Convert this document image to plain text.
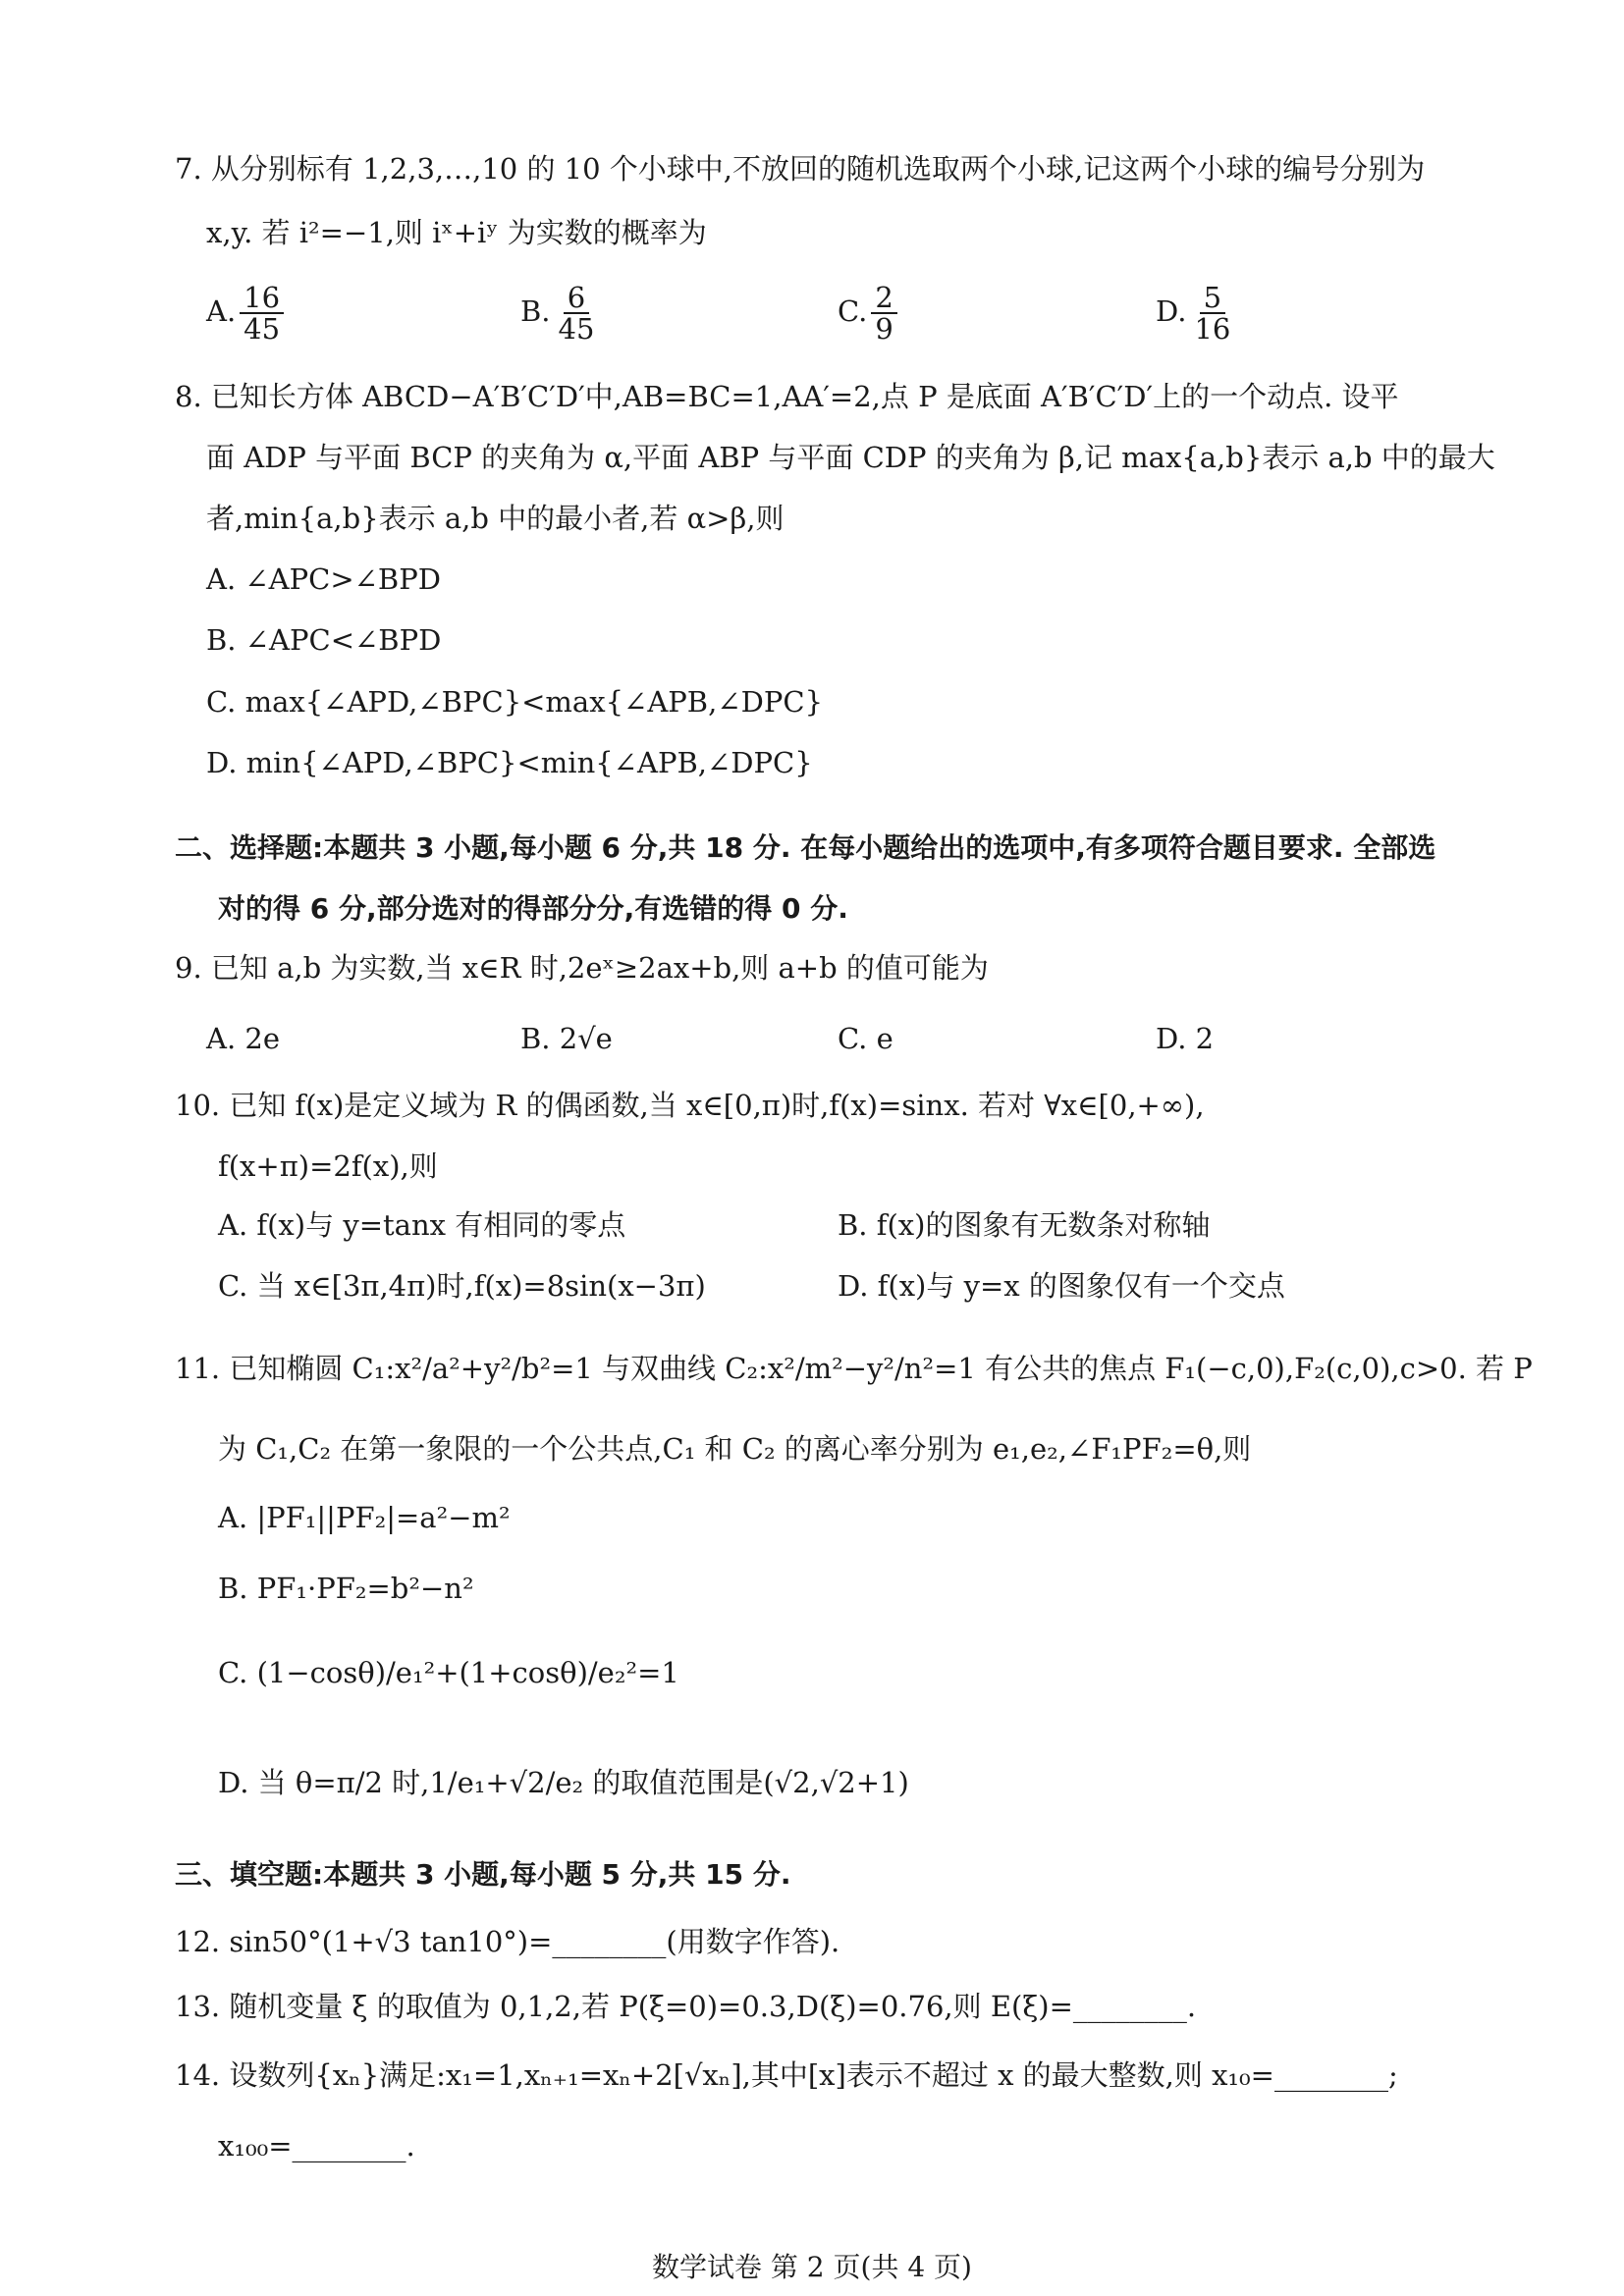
7. 从分别标有 1,2,3,…,10 的 10 个小球中,不放回的随机选取两个小球,记这两个小球的编号分别为
x,y. 若 i²=−1,则 iˣ+iʸ 为实数的概率为
A. $\frac{16}{45}$	B. $\frac{6}{45}$	C. $\frac{2}{9}$	D. $\frac{5}{16}$
8. 已知长方体 ABCD−A′B′C′D′中,AB=BC=1,AA′=2,点 P 是底面 A′B′C′D′上的一个动点. 设平
面 ADP 与平面 BCP 的夹角为 α,平面 ABP 与平面 CDP 的夹角为 β,记 max{a,b}表示 a,b 中的最大
者,min{a,b}表示 a,b 中的最小者,若 α>β,则
A. ∠APC>∠BPD
B. ∠APC<∠BPD
C. max{∠APD,∠BPC}<max{∠APB,∠DPC}
D. min{∠APD,∠BPC}<min{∠APB,∠DPC}
二、选择题:本题共 3 小题,每小题 6 分,共 18 分. 在每小题给出的选项中,有多项符合题目要求. 全部选
对的得 6 分,部分选对的得部分分,有选错的得 0 分.
9. 已知 a,b 为实数,当 x∈R 时,2eˣ≥2ax+b,则 a+b 的值可能为
A. 2e	B. 2√e	C. e	D. 2
10. 已知 f(x)是定义域为 R 的偶函数,当 x∈[0,π)时,f(x)=sinx. 若对 ∀x∈[0,+∞),
f(x+π)=2f(x),则
A. f(x)与 y=tanx 有相同的零点	B. f(x)的图象有无数条对称轴
C. 当 x∈[3π,4π)时,f(x)=8sin(x−3π)	D. f(x)与 y=x 的图象仅有一个交点
11. 已知椭圆 C₁:x²/a²+y²/b²=1 与双曲线 C₂:x²/m²−y²/n²=1 有公共的焦点 F₁(−c,0),F₂(c,0),c>0. 若 P
为 C₁,C₂ 在第一象限的一个公共点,C₁ 和 C₂ 的离心率分别为 e₁,e₂,∠F₁PF₂=θ,则
A. |PF₁||PF₂|=a²−m²
B. PF₁·PF₂=b²−n²
C. (1−cosθ)/e₁²+(1+cosθ)/e₂²=1
D. 当 θ=π/2 时,1/e₁+√2/e₂ 的取值范围是(√2,√2+1)
三、填空题:本题共 3 小题,每小题 5 分,共 15 分.
12. sin50°(1+√3 tan10°)=________(用数字作答).
13. 随机变量 ξ 的取值为 0,1,2,若 P(ξ=0)=0.3,D(ξ)=0.76,则 E(ξ)=________.
14. 设数列{xₙ}满足:x₁=1,xₙ₊₁=xₙ+2[√xₙ],其中[x]表示不超过 x 的最大整数,则 x₁₀=________;
x₁₀₀=________.
数学试卷 第 2 页(共 4 页)
